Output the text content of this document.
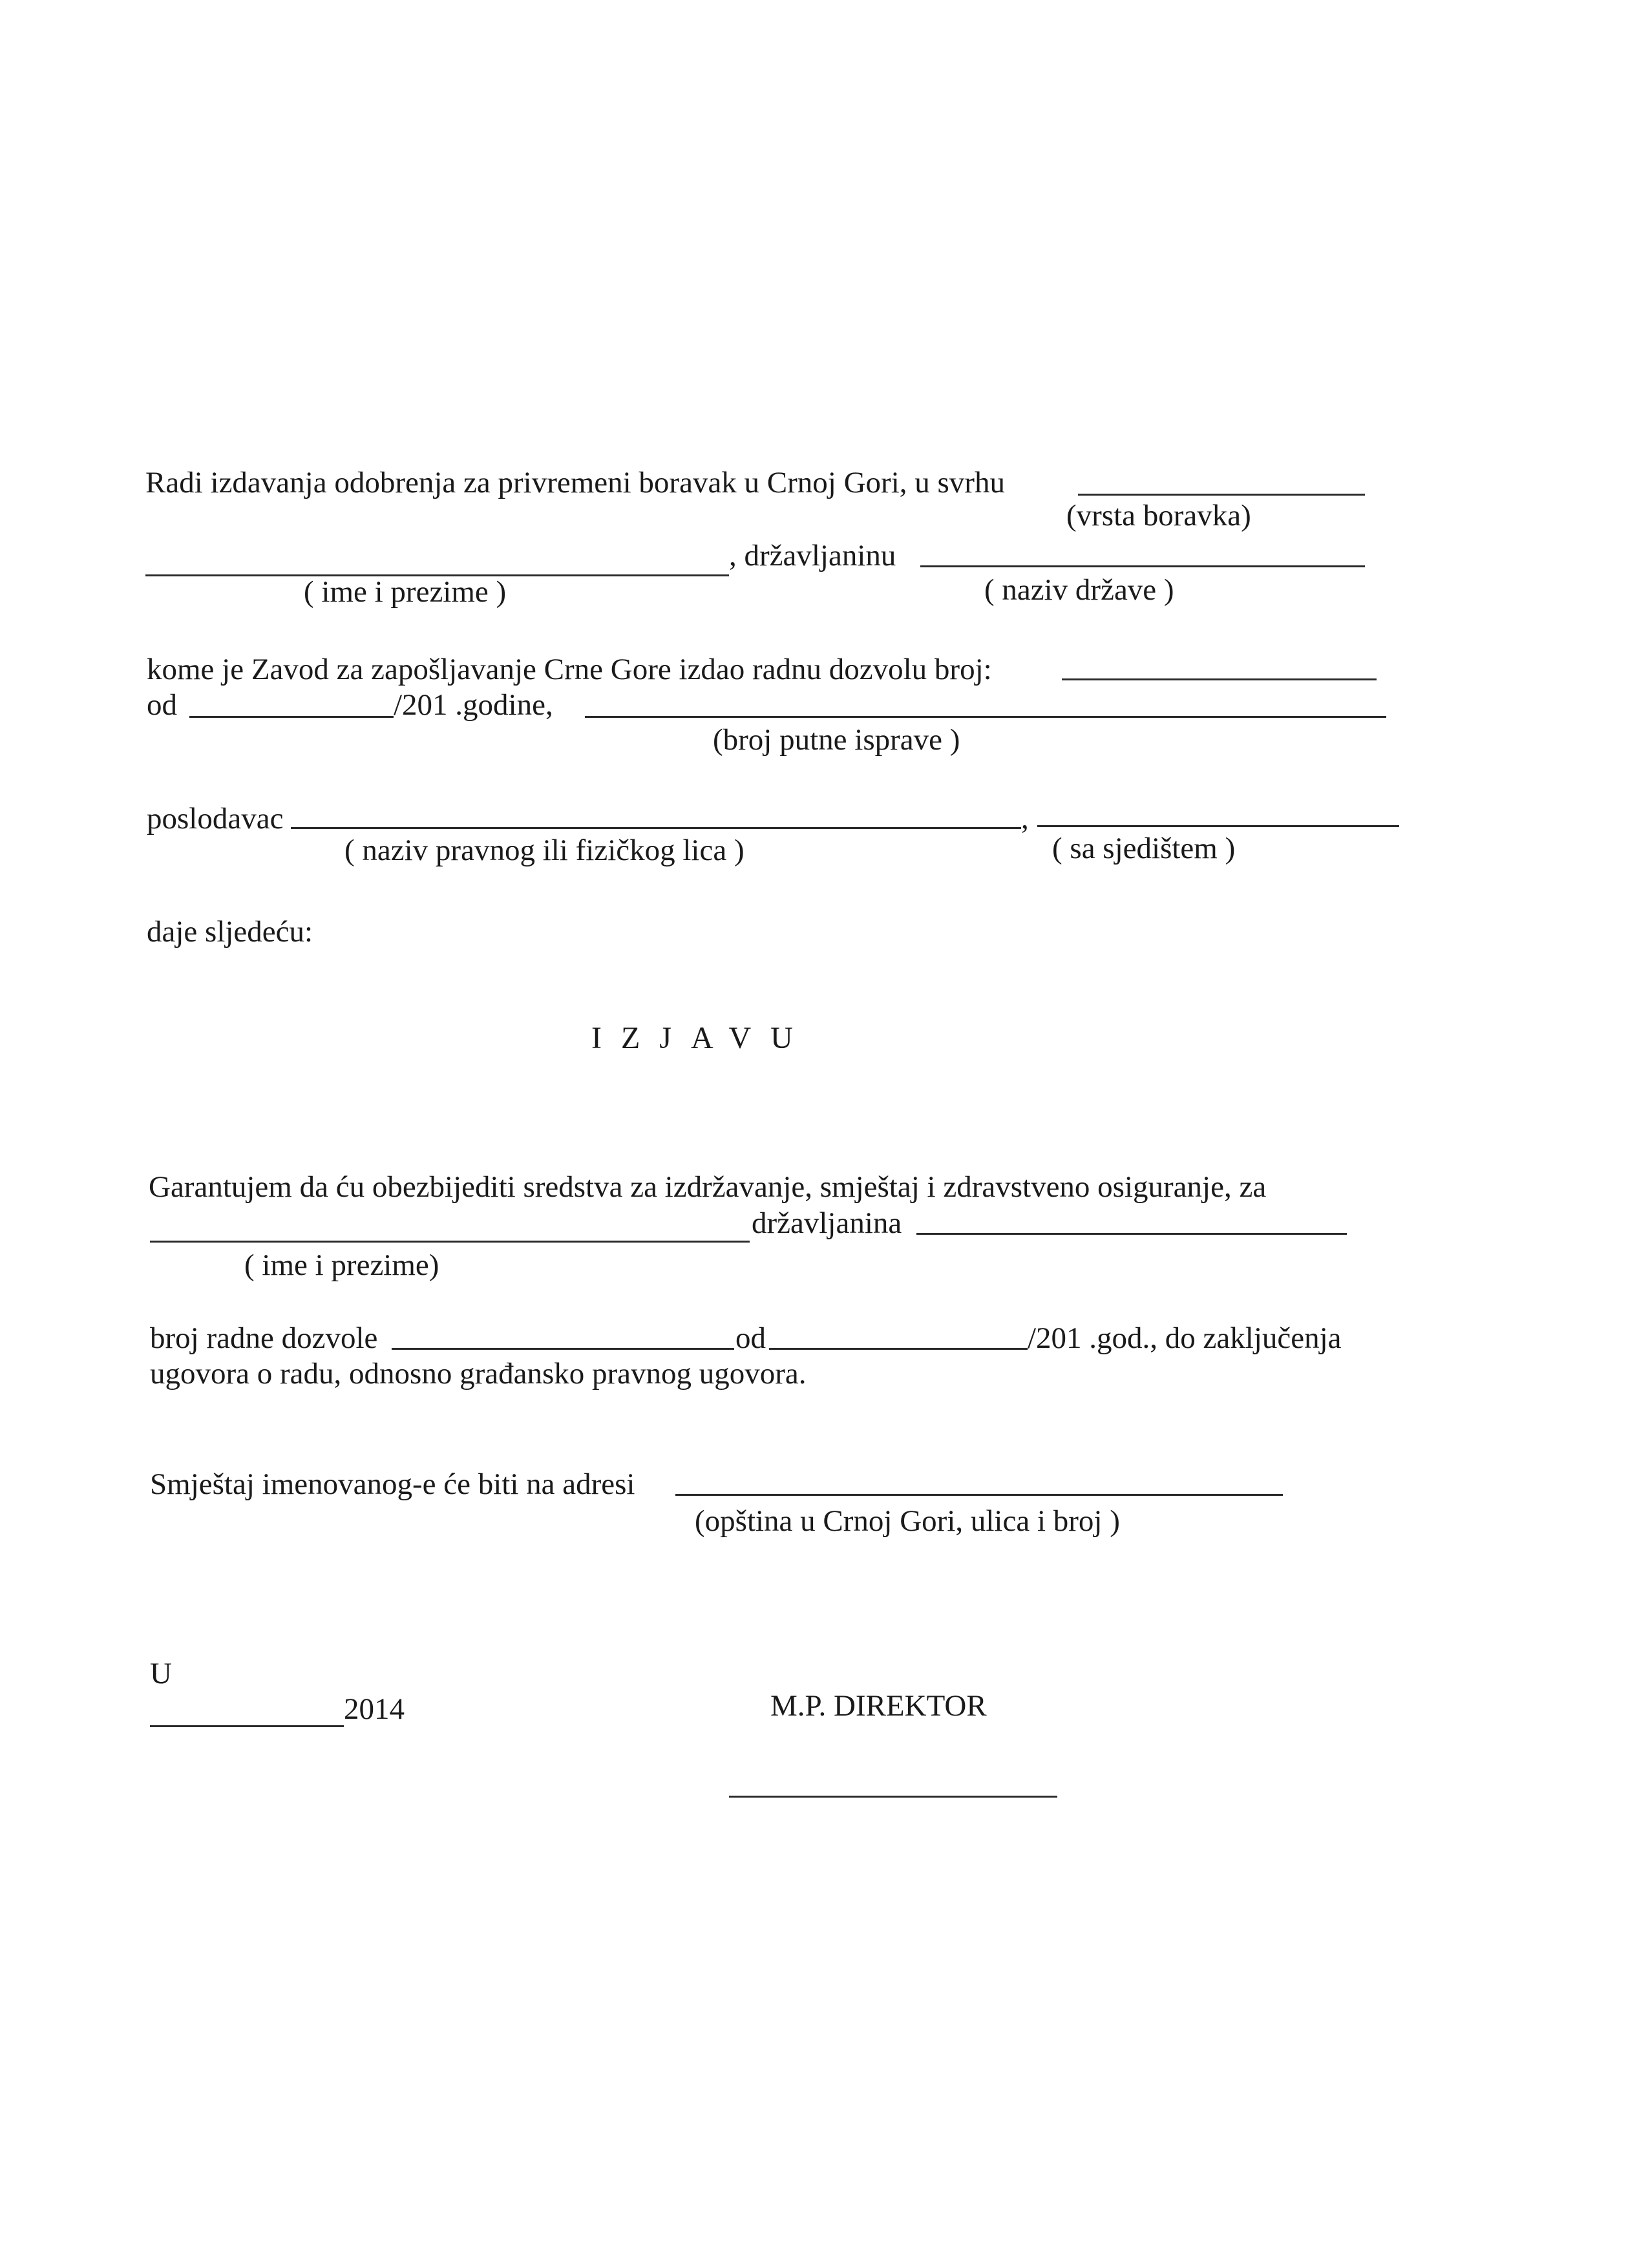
Radi izdavanja odobrenja za privremeni boravak u Crnoj Gori, u svrhu
(vrsta boravka)
, državljaninu
( ime i prezime )	( naziv države )
kome je Zavod za zapošljavanje Crne Gore izdao radnu dozvolu broj:
od	/201 .godine,
(broj putne isprave )
poslodavac	,
( naziv pravnog ili fizičkog lica )	( sa sjedištem )
daje sljedeću:
IZJAVU
Garantujem da ću obezbijediti sredstva za izdržavanje, smještaj i zdravstveno osiguranje, za
državljanina
( ime i prezime)
broj radne dozvole	od	/201 .god., do zaključenja
ugovora o radu, odnosno građansko pravnog ugovora.
Smještaj imenovanog-e će biti na adresi
(opština u Crnoj Gori, ulica i broj )
U
2014	M.P. DIREKTOR
